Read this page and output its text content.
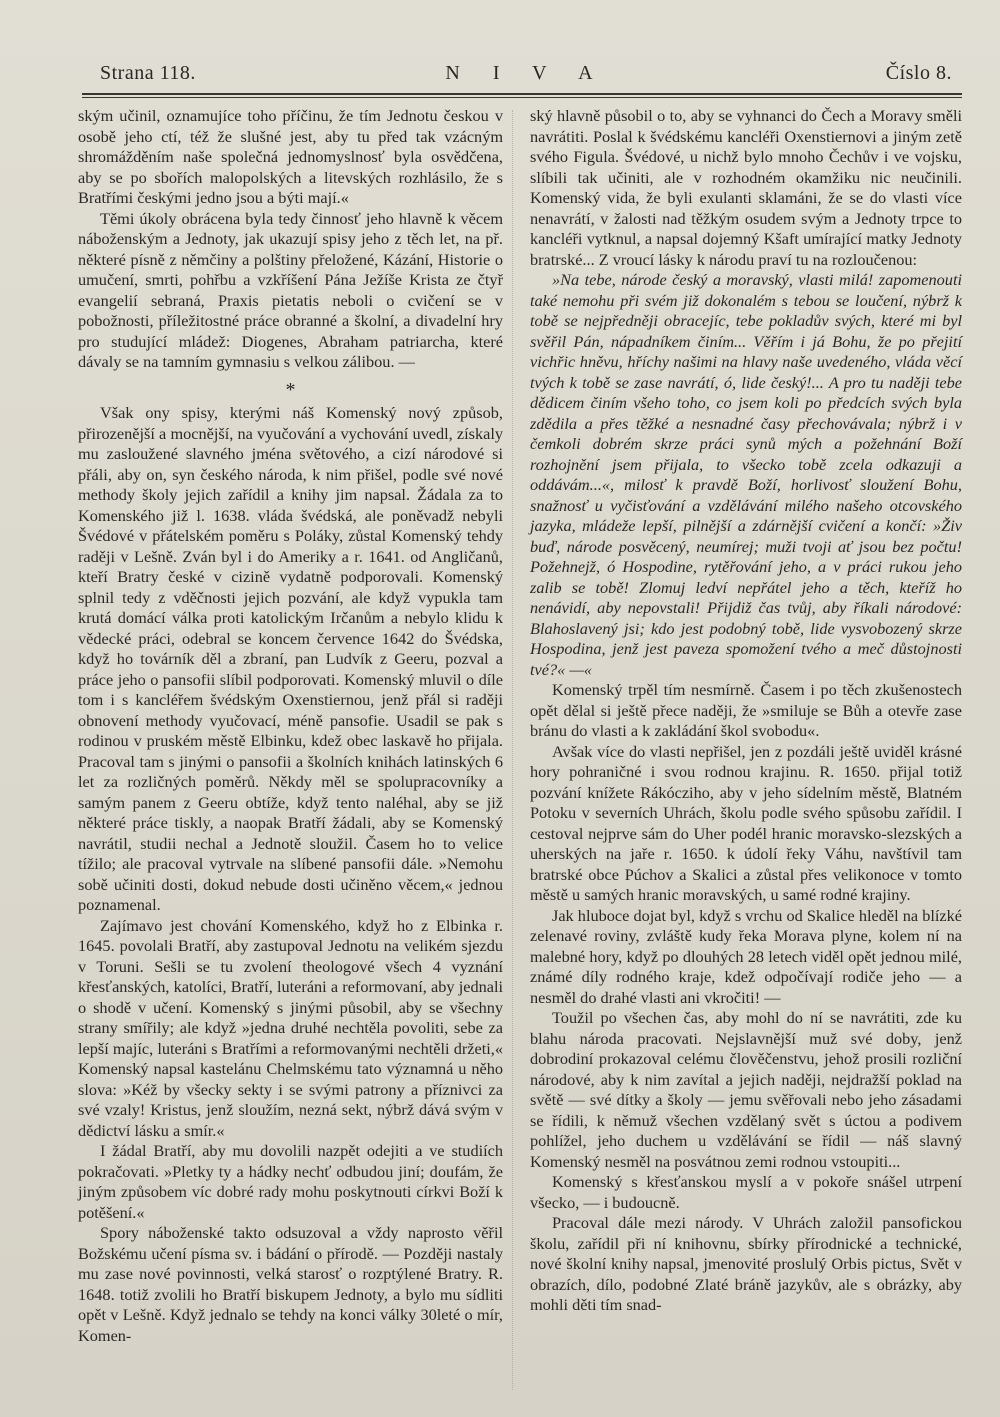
Strana 118.	N I V A	Číslo 8.

ským učinil, oznamujíce toho příčinu, že tím Jednotu českou v osobě jeho ctí, též že slušné jest, aby tu před tak vzácným shromážděním naše společná jednomyslnosť byla osvědčena, aby se po sbořích malopolských a litevských rozhlásilo, že s Bratřími českými jedno jsou a býti mají.«

Těmi úkoly obrácena byla tedy činnosť jeho hlavně k věcem náboženským a Jednoty, jak ukazují spisy jeho z těch let, na př. některé písně z němčiny a polštiny přeložené, Kázání, Historie o umučení, smrti, pohřbu a vzkříšení Pána Ježíše Krista ze čtyř evangelií sebraná, Praxis pietatis neboli o cvičení se v pobožnosti, příležitostné práce obranné a školní, a divadelní hry pro studující mládež: Diogenes, Abraham patriarcha, které dávaly se na tamním gymnasiu s velkou zálibou. —

*

Však ony spisy, kterými náš Komenský nový způsob, přirozenější a mocnější, na vyučování a vychování uvedl, získaly mu zasloužené slavného jména světového, a cizí národové si přáli, aby on, syn českého národa, k nim přišel, podle své nové methody školy jejich zařídil a knihy jim napsal. Žádala za to Komenského již l. 1638. vláda švédská, ale poněvadž nebyli Švédové v přátelském poměru s Poláky, zůstal Komenský tehdy raději v Lešně. Zván byl i do Ameriky a r. 1641. od Angličanů, kteří Bratry české v cizině vydatně podporovali. Komenský splnil tedy z vděčnosti jejich pozvání, ale když vypukla tam krutá domácí válka proti katolickým Irčanům a nebylo klidu k vědecké práci, odebral se koncem července 1642 do Švédska, když ho továrník děl a zbraní, pan Ludvík z Geeru, pozval a práce jeho o pansofii slíbil podporovati. Komenský mluvil o díle tom i s kancléřem švédským Oxenstiernou, jenž přál si raději obnovení methody vyučovací, méně pansofie. Usadil se pak s rodinou v pruském městě Elbinku, kdež obec laskavě ho přijala. Pracoval tam s jinými o pansofii a školních knihách latinských 6 let za rozličných poměrů. Někdy měl se spolupracovníky a samým panem z Geeru obtíže, když tento naléhal, aby se již některé práce tiskly, a naopak Bratří žádali, aby se Komenský navrátil, studii nechal a Jednotě sloužil. Časem ho to velice tížilo; ale pracoval vytrvale na slíbené pansofii dále. »Nemohu sobě učiniti dosti, dokud nebude dosti učiněno věcem,« jednou poznamenal.

Zajímavo jest chování Komenského, když ho z Elbinka r. 1645. povolali Bratří, aby zastupoval Jednotu na velikém sjezdu v Toruni. Sešli se tu zvolení theologové všech 4 vyznání křesťanských, katolíci, Bratří, luteráni a reformovaní, aby jednali o shodě v učení. Komenský s jinými působil, aby se všechny strany smířily; ale když »jedna druhé nechtěla povoliti, sebe za lepší majíc, luteráni s Bratřími a reformovanými nechtěli držeti,« Komenský napsal kastelánu Chelmskému tato významná u něho slova: »Kéž by všecky sekty i se svými patrony a příznivci za své vzaly! Kristus, jenž sloužím, nezná sekt, nýbrž dává svým v dědictví lásku a smír.«

I žádal Bratří, aby mu dovolili nazpět odejiti a ve studiích pokračovati. »Pletky ty a hádky nechť odbudou jiní; doufám, že jiným způsobem víc dobré rady mohu poskytnouti církvi Boží k potěšení.«

Spory náboženské takto odsuzoval a vždy naprosto věřil Božskému učení písma sv. i bádání o přírodě. — Později nastaly mu zase nové povinnosti, velká starosť o rozptýlené Bratry. R. 1648. totiž zvolili ho Bratří biskupem Jednoty, a bylo mu sídliti opět v Lešně. Když jednalo se tehdy na konci války 30leté o mír, Komen-

ský hlavně působil o to, aby se vyhnanci do Čech a Moravy směli navrátiti. Poslal k švédskému kancléři Oxenstiernovi a jiným zetě svého Figula. Švédové, u nichž bylo mnoho Čechův i ve vojsku, slíbili tak učiniti, ale v rozhodném okamžiku nic neučinili. Komenský vida, že byli exulanti sklamáni, že se do vlasti více nenavrátí, v žalosti nad těžkým osudem svým a Jednoty trpce to kancléři vytknul, a napsal dojemný Kšaft umírající matky Jednoty bratrské... Z vroucí lásky k národu praví tu na rozloučenou:

»Na tebe, národe český a moravský, vlasti milá! zapomenouti také nemohu při svém již dokonalém s tebou se loučení, nýbrž k tobě se nejpředněji obracejíc, tebe pokladův svých, které mi byl svěřil Pán, nápadníkem činím... Věřím i já Bohu, že po přejití vichřic hněvu, hříchy našimi na hlavy naše uvedeného, vláda věcí tvých k tobě se zase navrátí, ó, lide český!... A pro tu naději tebe dědicem činím všeho toho, co jsem koli po předcích svých byla zdědila a přes těžké a nesnadné časy přechovávala; nýbrž i v čemkoli dobrém skrze práci synů mých a požehnání Boží rozhojnění jsem přijala, to všecko tobě zcela odkazuji a oddávám...«, milosť k pravdě Boží, horlivosť sloužení Bohu, snažnosť u vyčisťování a vzdělávání milého našeho otcovského jazyka, mládeže lepší, pilnější a zdárnější cvičení a končí: »Živ buď, národe posvěcený, neumírej; muži tvoji ať jsou bez počtu! Požehnejž, ó Hospodine, rytěřování jeho, a v práci rukou jeho zalib se tobě! Zlomuj ledví nepřátel jeho a těch, kteříž ho nenávidí, aby nepovstali! Přijdiž čas tvůj, aby říkali národové: Blahoslavený jsi; kdo jest podobný tobě, lide vysvobozený skrze Hospodina, jenž jest paveza spomožení tvého a meč důstojnosti tvé?« —«

Komenský trpěl tím nesmírně. Časem i po těch zkušenostech opět dělal si ještě přece naději, že »smiluje se Bůh a otevře zase bránu do vlasti a k zakládání škol svobodu«.

Avšak více do vlasti nepřišel, jen z pozdáli ještě uviděl krásné hory pohraničné i svou rodnou krajinu. R. 1650. přijal totiž pozvání knížete Rákócziho, aby v jeho sídelním městě, Blatném Potoku v severních Uhrách, školu podle svého spůsobu zařídil. I cestoval nejprve sám do Uher podél hranic moravsko-slezských a uherských na jaře r. 1650. k údolí řeky Váhu, navštívil tam bratrské obce Púchov a Skalici a zůstal přes velikonoce v tomto městě u samých hranic moravských, u samé rodné krajiny.

Jak hluboce dojat byl, když s vrchu od Skalice hleděl na blízké zelenavé roviny, zvláště kudy řeka Morava plyne, kolem ní na malebné hory, když po dlouhých 28 letech viděl opět jednou milé, známé díly rodného kraje, kdež odpočívají rodiče jeho — a nesměl do drahé vlasti ani vkročiti! —

Toužil po všechen čas, aby mohl do ní se navrátiti, zde ku blahu národa pracovati. Nejslavnější muž své doby, jenž dobrodiní prokazoval celému člověčenstvu, jehož prosili rozliční národové, aby k nim zavítal a jejich naději, nejdražší poklad na světě — své dítky a školy — jemu svěřovali nebo jeho zásadami se řídili, k němuž všechen vzdělaný svět s úctou a podivem pohlížel, jeho duchem u vzdělávání se řídil — náš slavný Komenský nesměl na posvátnou zemi rodnou vstoupiti...

Komenský s křesťanskou myslí a v pokoře snášel utrpení všecko, — i budoucně.

Pracoval dále mezi národy. V Uhrách založil pansofickou školu, zařídil při ní knihovnu, sbírky přírodnické a technické, nové školní knihy napsal, jmenovité proslulý Orbis pictus, Svět v obrazích, dílo, podobné Zlaté bráně jazykův, ale s obrázky, aby mohli děti tím snad-
